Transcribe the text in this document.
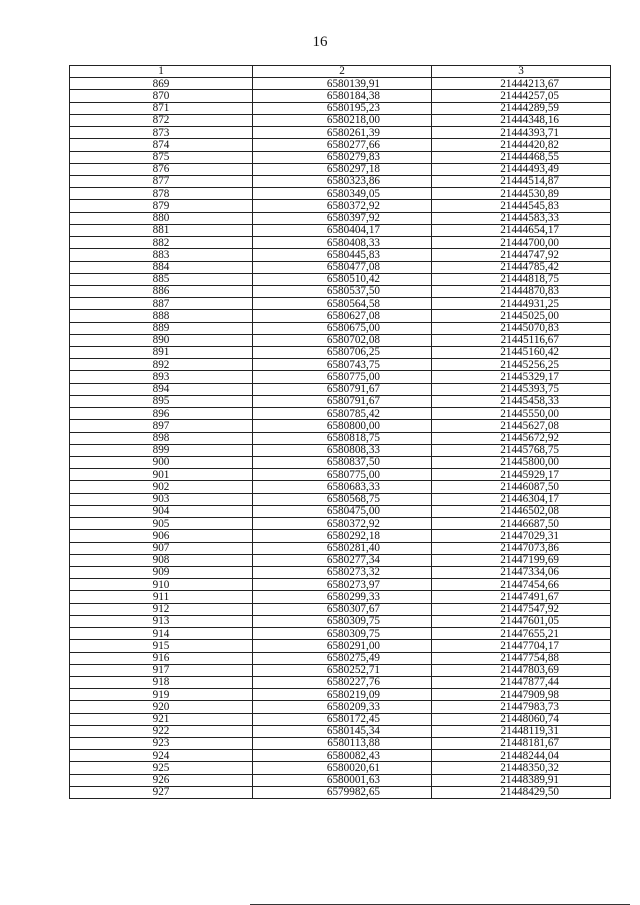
16
1	2	3
869	6580139,91	21444213,67
870	6580184,38	21444257,05
871	6580195,23	21444289,59
872	6580218,00	21444348,16
873	6580261,39	21444393,71
874	6580277,66	21444420,82
875	6580279,83	21444468,55
876	6580297,18	21444493,49
877	6580323,86	21444514,87
878	6580349,05	21444530,89
879	6580372,92	21444545,83
880	6580397,92	21444583,33
881	6580404,17	21444654,17
882	6580408,33	21444700,00
883	6580445,83	21444747,92
884	6580477,08	21444785,42
885	6580510,42	21444818,75
886	6580537,50	21444870,83
887	6580564,58	21444931,25
888	6580627,08	21445025,00
889	6580675,00	21445070,83
890	6580702,08	21445116,67
891	6580706,25	21445160,42
892	6580743,75	21445256,25
893	6580775,00	21445329,17
894	6580791,67	21445393,75
895	6580791,67	21445458,33
896	6580785,42	21445550,00
897	6580800,00	21445627,08
898	6580818,75	21445672,92
899	6580808,33	21445768,75
900	6580837,50	21445800,00
901	6580775,00	21445929,17
902	6580683,33	21446087,50
903	6580568,75	21446304,17
904	6580475,00	21446502,08
905	6580372,92	21446687,50
906	6580292,18	21447029,31
907	6580281,40	21447073,86
908	6580277,34	21447199,69
909	6580273,32	21447334,06
910	6580273,97	21447454,66
911	6580299,33	21447491,67
912	6580307,67	21447547,92
913	6580309,75	21447601,05
914	6580309,75	21447655,21
915	6580291,00	21447704,17
916	6580275,49	21447754,88
917	6580252,71	21447803,69
918	6580227,76	21447877,44
919	6580219,09	21447909,98
920	6580209,33	21447983,73
921	6580172,45	21448060,74
922	6580145,34	21448119,31
923	6580113,88	21448181,67
924	6580082,43	21448244,04
925	6580020,61	21448350,32
926	6580001,63	21448389,91
927	6579982,65	21448429,50
